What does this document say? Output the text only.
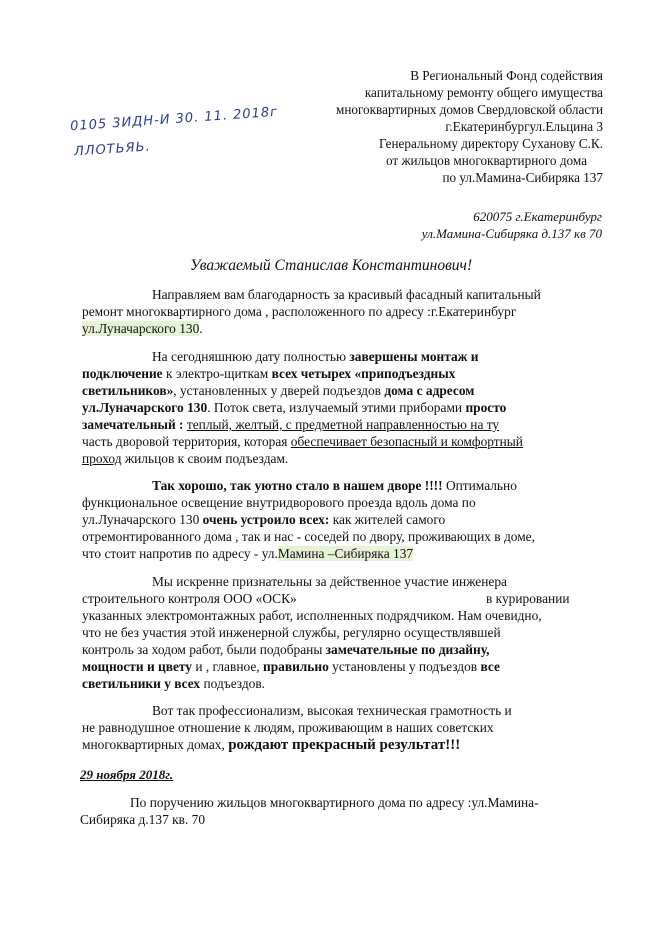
В Региональный Фонд содействия
капитальному ремонту общего имущества
многоквартирных домов Свердловской области
г.Екатеринбургул.Ельцина 3
Генеральному директору Суханову С.К.
от жильцов многоквартирного дома
по ул.Мамина-Сибиряка 137
0105 3ИДН-И 30. 11. 2018г
ЛЛОТЬЯЬ.
620075 г.Екатеринбург
ул.Мамина-Сибиряка д.137 кв 70
Уважаемый Станислав Константинович!
Направляем вам благодарность за красивый фасадный капитальный
ремонт многоквартирного дома , расположенного по адресу :г.Екатеринбург
ул.Луначарского 130.
На сегодняшнюю дату полностью завершены монтаж и
подключение к электро-щиткам всех четырех «приподъездных
светильников», установленных у дверей подъездов дома с адресом
ул.Луначарского 130. Поток света, излучаемый этими приборами просто
замечательный : теплый, желтый, с предметной направленностью на ту
часть дворовой территория, которая обеспечивает безопасный и комфортный
проход жильцов к своим подъездам.
Так хорошо, так уютно стало в нашем дворе !!!! Оптимально
функциональное освещение внутридворового проезда вдоль дома по
ул.Луначарского 130 очень устроило всех: как жителей самого
отремонтированного дома , так и нас - соседей по двору, проживающих в доме,
что стоит напротив по адресу - ул.Мамина –Сибиряка 137
Мы искренне признательны за действенное участие инженера
строительного контроля ООО «ОСК»	в курировании
указанных электромонтажных работ, исполненных подрядчиком. Нам очевидно,
что не без участия этой инженерной службы, регулярно осуществлявшей
контроль за ходом работ, были подобраны замечательные по дизайну,
мощности и цвету и , главное, правильно установлены у подъездов все
светильники у всех подъездов.
Вот так профессионализм, высокая техническая грамотность и
не равнодушное отношение к людям, проживающим в наших советских
многоквартирных домах, рождают прекрасный результат!!!
29 ноября 2018г.
По поручению жильцов многоквартирного дома по адресу :ул.Мамина-
Сибиряка д.137 кв. 70
